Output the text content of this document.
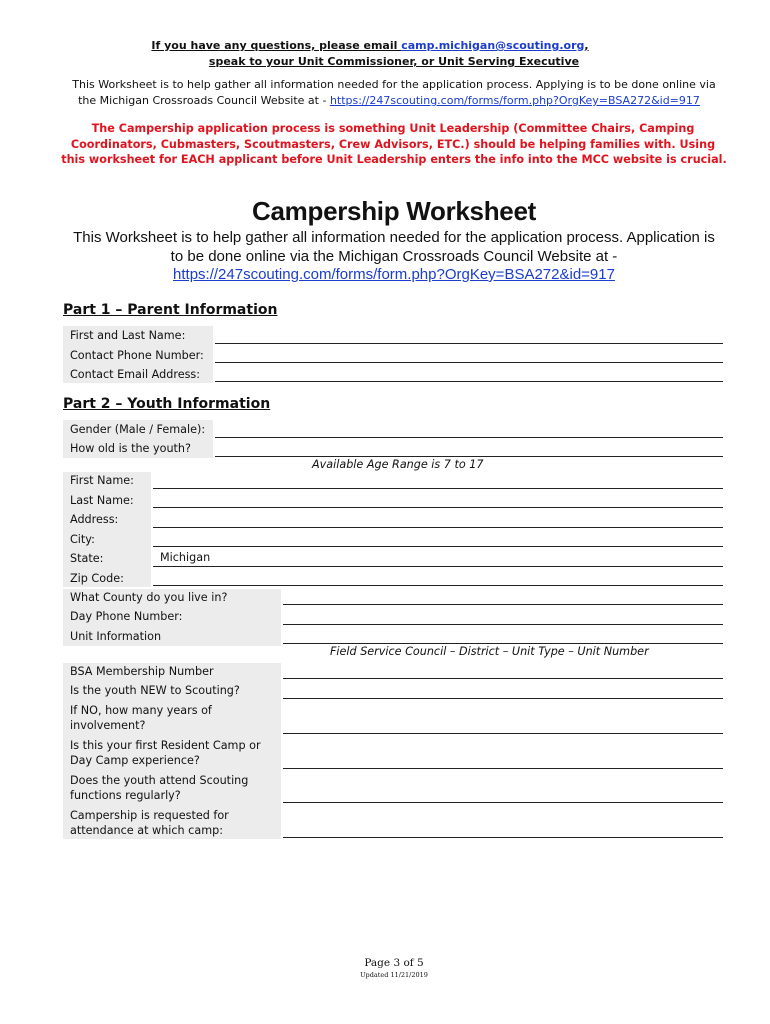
If you have any questions, please email camp.michigan@scouting.org,
speak to your Unit Commissioner, or Unit Serving Executive
This Worksheet is to help gather all information needed for the application process. Applying is to be done online via
the Michigan Crossroads Council Website at - https://247scouting.com/forms/form.php?OrgKey=BSA272&id=917
The Campership application process is something Unit Leadership (Committee Chairs, Camping
Coordinators, Cubmasters, Scoutmasters, Crew Advisors, ETC.) should be helping families with. Using
this worksheet for EACH applicant before Unit Leadership enters the info into the MCC website is crucial.
Campership Worksheet
This Worksheet is to help gather all information needed for the application process. Application is
to be done online via the Michigan Crossroads Council Website at -
https://247scouting.com/forms/form.php?OrgKey=BSA272&id=917
Part 1 – Parent Information
First and Last Name:
Contact Phone Number:
Contact Email Address:
Part 2 – Youth Information
Gender (Male / Female):
How old is the youth?
Available Age Range is 7 to 17
First Name:
Last Name:
Address:
City:
State:	Michigan
Zip Code:
What County do you live in?
Day Phone Number:
Unit Information
Field Service Council – District – Unit Type – Unit Number
BSA Membership Number
Is the youth NEW to Scouting?
If NO, how many years of
involvement?
Is this your first Resident Camp or
Day Camp experience?
Does the youth attend Scouting
functions regularly?
Campership is requested for
attendance at which camp:
Page 3 of 5
Updated 11/21/2019
